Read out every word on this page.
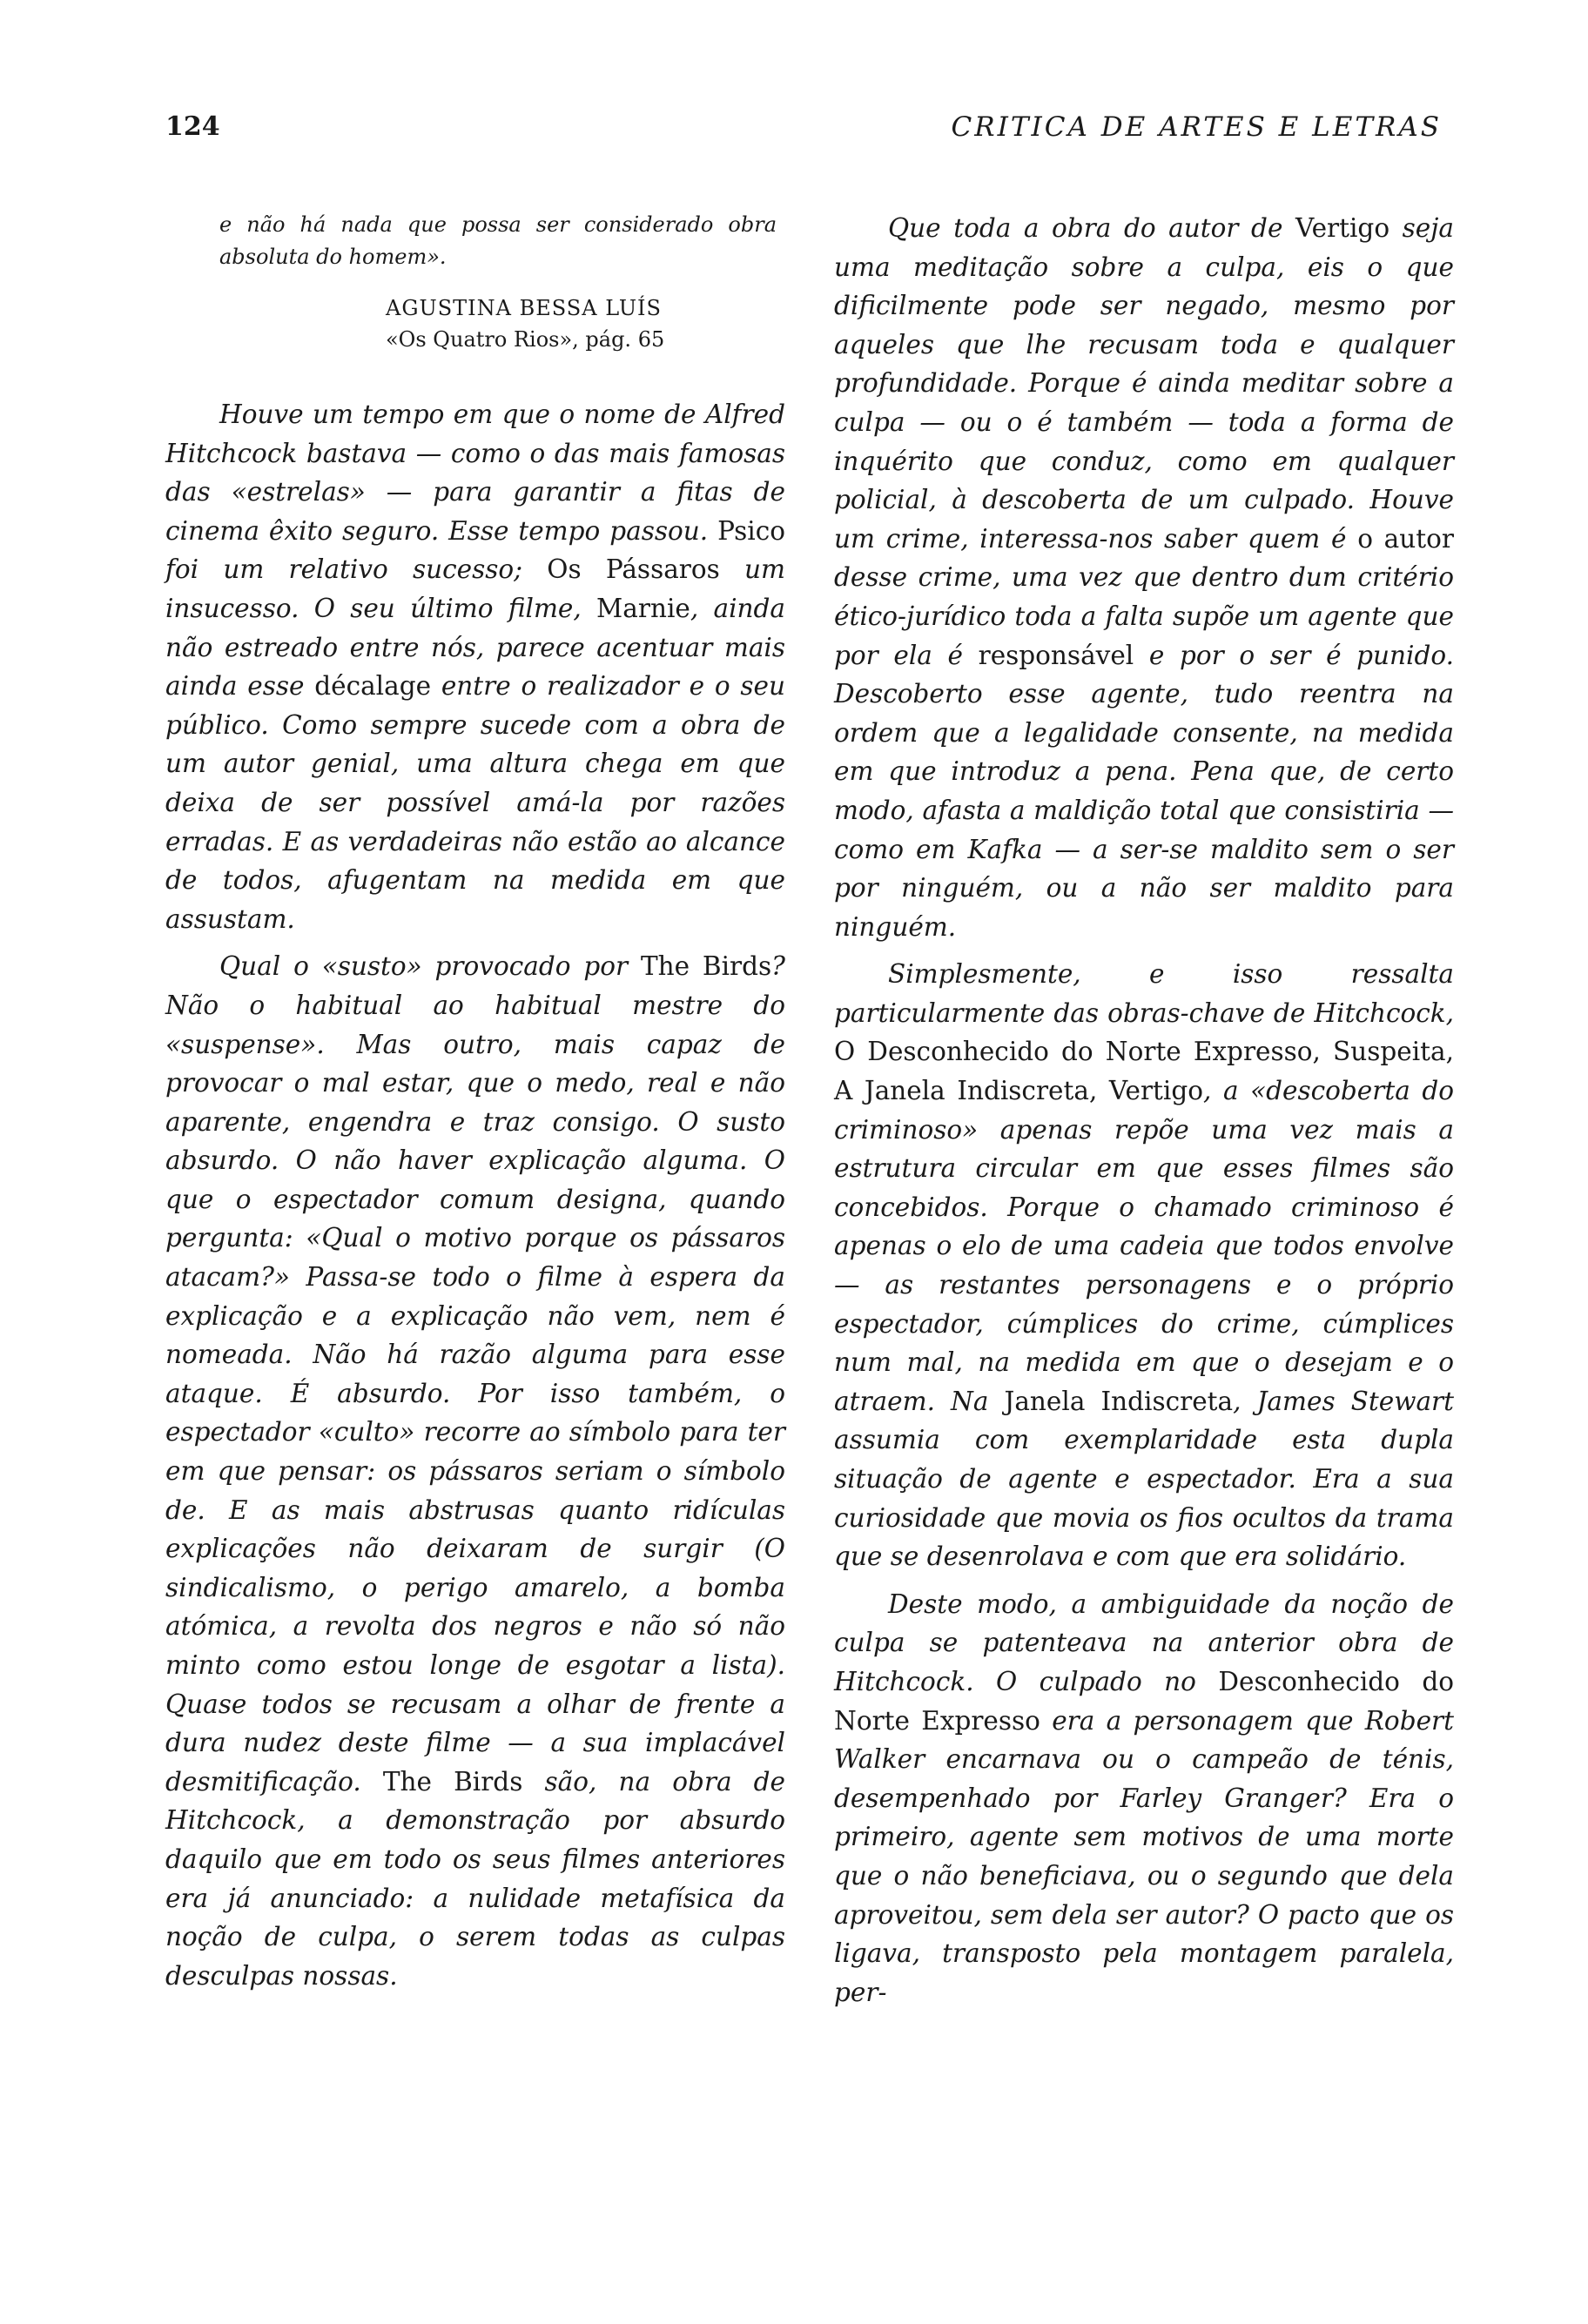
124	CRITICA DE ARTES E LETRAS
e não há nada que possa ser considerado obra absoluta do homem».
AGUSTINA BESSA LUÍS
«Os Quatro Rios», pág. 65

Houve um tempo em que o nome de Alfred Hitchcock bastava — como o das mais famosas das «estrelas» — para garantir a fitas de cinema êxito seguro. Esse tempo passou. Psico foi um relativo sucesso; Os Pássaros um insucesso. O seu último filme, Marnie, ainda não estreado entre nós, parece acentuar mais ainda esse décalage entre o realizador e o seu público. Como sempre sucede com a obra de um autor genial, uma altura chega em que deixa de ser possível amá-la por razões erradas. E as verdadeiras não estão ao alcance de todos, afugentam na medida em que assustam.

Qual o «susto» provocado por The Birds? Não o habitual ao habitual mestre do «suspense». Mas outro, mais capaz de provocar o mal estar, que o medo, real e não aparente, engendra e traz consigo. O susto absurdo. O não haver explicação alguma. O que o espectador comum designa, quando pergunta: «Qual o motivo porque os pássaros atacam?» Passa-se todo o filme à espera da explicação e a explicação não vem, nem é nomeada. Não há razão alguma para esse ataque. É absurdo. Por isso também, o espectador «culto» recorre ao símbolo para ter em que pensar: os pássaros seriam o símbolo de. E as mais abstrusas quanto ridículas explicações não deixaram de surgir (O sindicalismo, o perigo amarelo, a bomba atómica, a revolta dos negros e não só não minto como estou longe de esgotar a lista). Quase todos se recusam a olhar de frente a dura nudez deste filme — a sua implacável desmitificação. The Birds são, na obra de Hitchcock, a demonstração por absurdo daquilo que em todo os seus filmes anteriores era já anunciado: a nulidade metafísica da noção de culpa, o serem todas as culpas desculpas nossas.

Que toda a obra do autor de Vertigo seja uma meditação sobre a culpa, eis o que dificilmente pode ser negado, mesmo por aqueles que lhe recusam toda e qualquer profundidade. Porque é ainda meditar sobre a culpa — ou o é também — toda a forma de inquérito que conduz, como em qualquer policial, à descoberta de um culpado. Houve um crime, interessa-nos saber quem é o autor desse crime, uma vez que dentro dum critério ético-jurídico toda a falta supõe um agente que por ela é responsável e por o ser é punido. Descoberto esse agente, tudo reentra na ordem que a legalidade consente, na medida em que introduz a pena. Pena que, de certo modo, afasta a maldição total que consistiria — como em Kafka — a ser-se maldito sem o ser por ninguém, ou a não ser maldito para ninguém.

Simplesmente, e isso ressalta particularmente das obras-chave de Hitchcock, O Desconhecido do Norte Expresso, Suspeita, A Janela Indiscreta, Vertigo, a «descoberta do criminoso» apenas repõe uma vez mais a estrutura circular em que esses filmes são concebidos. Porque o chamado criminoso é apenas o elo de uma cadeia que todos envolve — as restantes personagens e o próprio espectador, cúmplices do crime, cúmplices num mal, na medida em que o desejam e o atraem. Na Janela Indiscreta, James Stewart assumia com exemplaridade esta dupla situação de agente e espectador. Era a sua curiosidade que movia os fios ocultos da trama que se desenrolava e com que era solidário.

Deste modo, a ambiguidade da noção de culpa se patenteava na anterior obra de Hitchcock. O culpado no Desconhecido do Norte Expresso era a personagem que Robert Walker encarnava ou o campeão de ténis, desempenhado por Farley Granger? Era o primeiro, agente sem motivos de uma morte que o não beneficiava, ou o segundo que dela aproveitou, sem dela ser autor? O pacto que os ligava, transposto pela montagem paralela, per-
